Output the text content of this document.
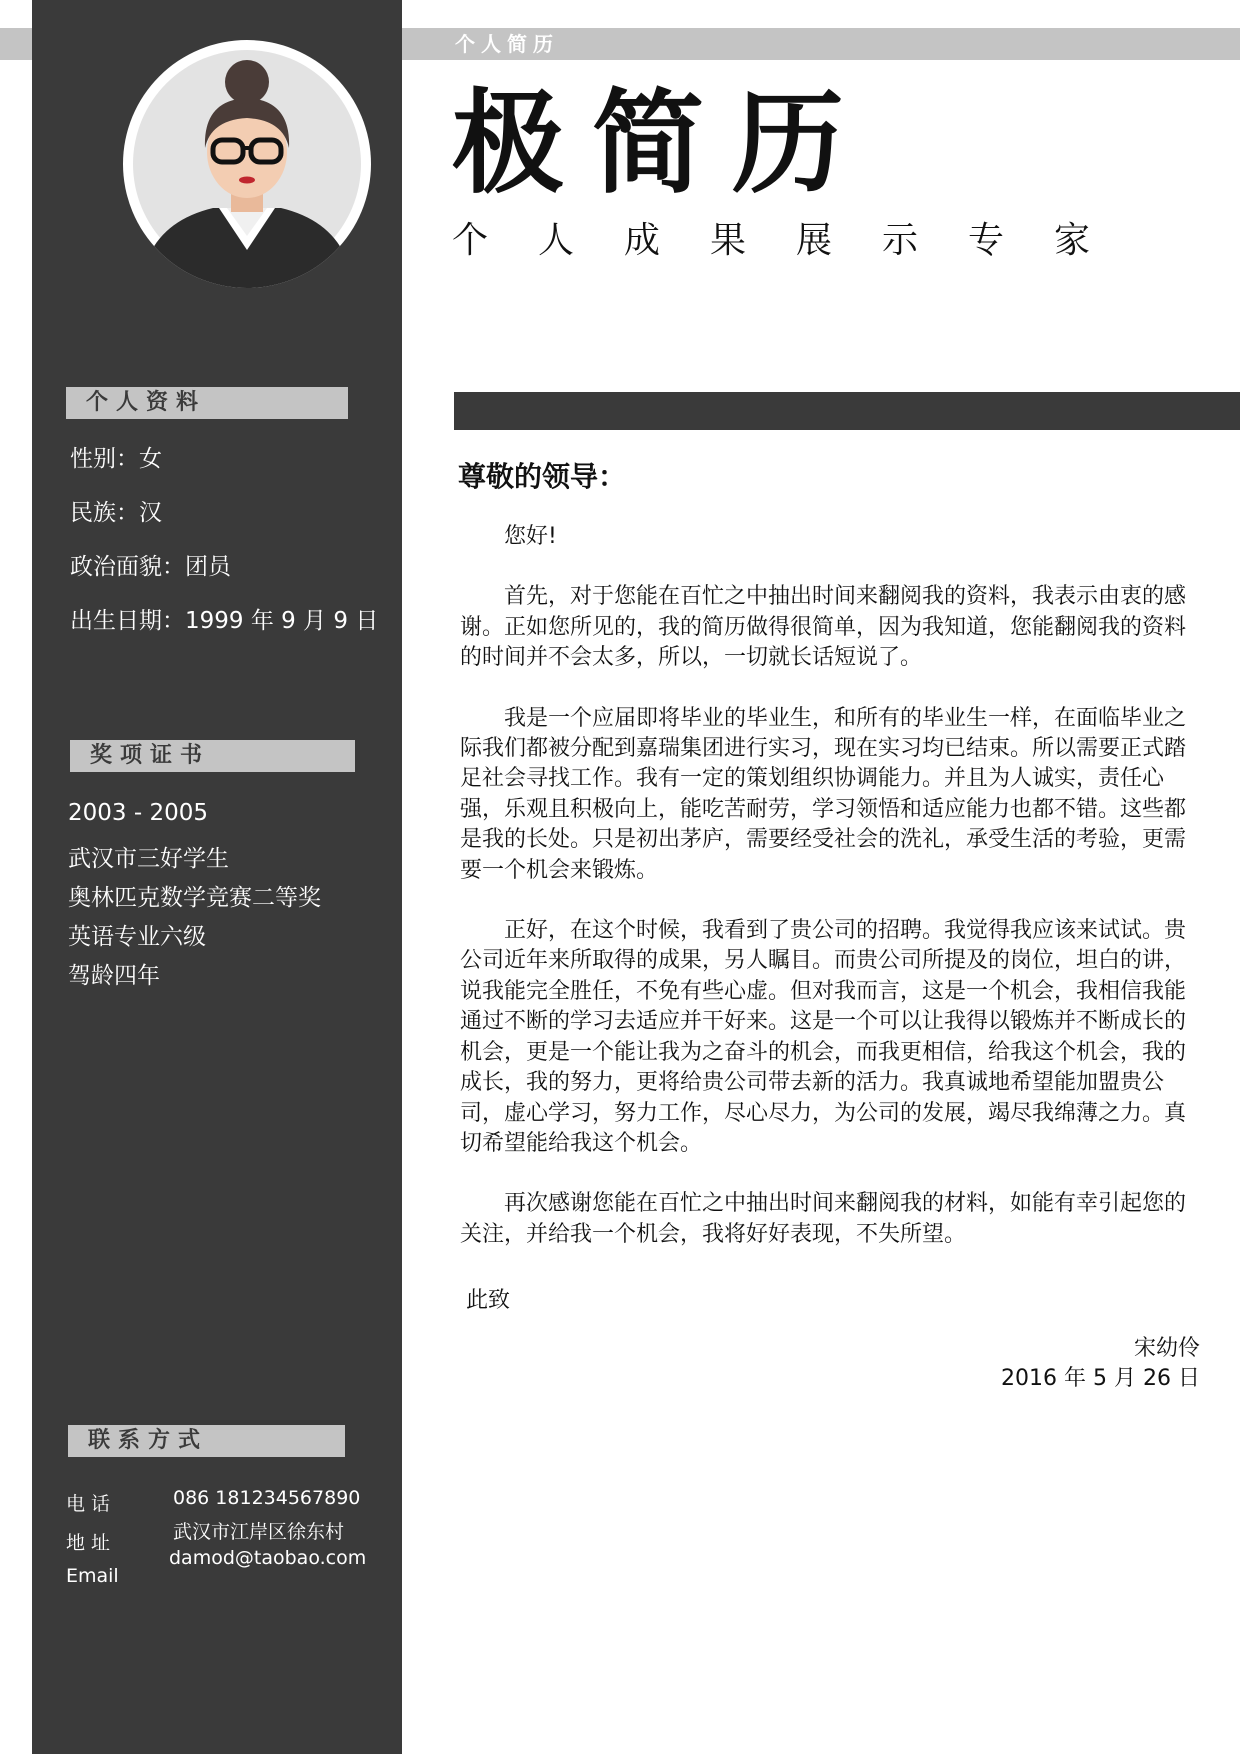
个人简历
个人资料
性别：女
民族：汉
政治面貌：团员
出生日期：1999 年 9 月 9 日
奖项证书
2003 - 2005
武汉市三好学生
奥林匹克数学竞赛二等奖
英语专业六级
驾龄四年
联系方式
电 话	086 181234567890
地 址	武汉市江岸区徐东村
Email
damod@taobao.com
极简历
个人成果展示专家
尊敬的领导：

您好!

首先，对于您能在百忙之中抽出时间来翻阅我的资料，我表示由衷的感谢。正如您所见的，我的简历做得很简单，因为我知道，您能翻阅我的资料的时间并不会太多，所以，一切就长话短说了。

我是一个应届即将毕业的毕业生，和所有的毕业生一样，在面临毕业之际我们都被分配到嘉瑞集团进行实习，现在实习均已结束。所以需要正式踏足社会寻找工作。我有一定的策划组织协调能力。并且为人诚实，责任心强，乐观且积极向上，能吃苦耐劳，学习领悟和适应能力也都不错。这些都是我的长处。只是初出茅庐，需要经受社会的洗礼，承受生活的考验，更需要一个机会来锻炼。

正好，在这个时候，我看到了贵公司的招聘。我觉得我应该来试试。贵公司近年来所取得的成果，另人瞩目。而贵公司所提及的岗位，坦白的讲，说我能完全胜任，不免有些心虚。但对我而言，这是一个机会，我相信我能通过不断的学习去适应并干好来。这是一个可以让我得以锻炼并不断成长的机会，更是一个能让我为之奋斗的机会，而我更相信，给我这个机会，我的成长，我的努力，更将给贵公司带去新的活力。我真诚地希望能加盟贵公司，虚心学习，努力工作，尽心尽力，为公司的发展，竭尽我绵薄之力。真切希望能给我这个机会。

再次感谢您能在百忙之中抽出时间来翻阅我的材料，如能有幸引起您的关注，并给我一个机会，我将好好表现，不失所望。

此致
宋幼伶
2016 年 5 月 26 日
